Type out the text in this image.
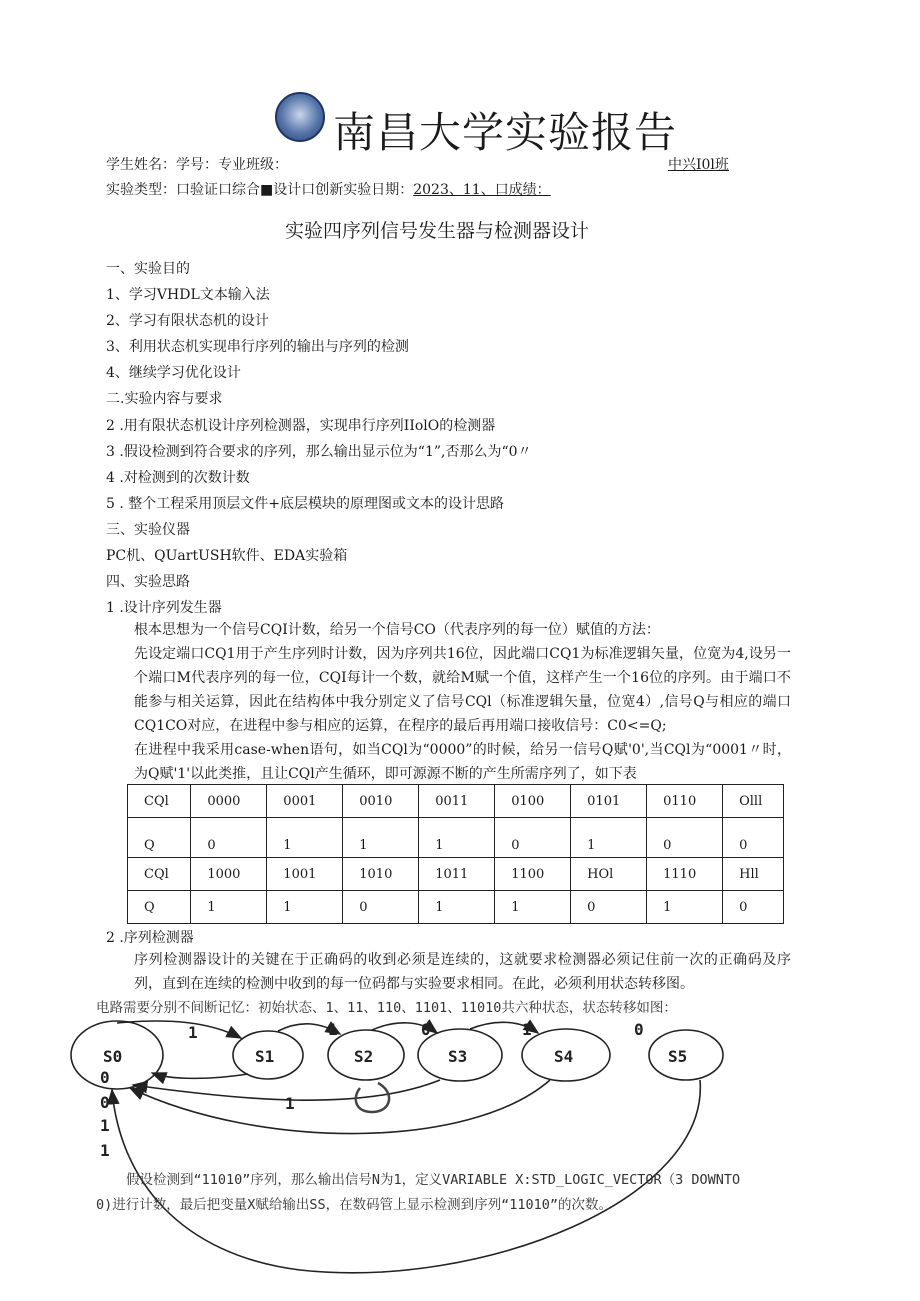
南昌大学实验报告
学生姓名：学号：专业班级：	中兴I0l班
实验类型：口验证口综合■设计口创新实验日期：2023、11、口成绩：
实验四序列信号发生器与检测器设计
一、实验目的
1、学习VHDL文本输入法
2、学习有限状态机的设计
3、利用状态机实现串行序列的输出与序列的检测
4、继续学习优化设计
二.实验内容与要求
2 .用有限状态机设计序列检测器，实现串行序列IIolO的检测器
3 .假设检测到符合要求的序列，那么输出显示位为“1”,否那么为“0〃
4 .对检测到的次数计数
5 . 整个工程采用顶层文件+底层模块的原理图或文本的设计思路
三、实验仪器
PC机、QUartUSH软件、EDA实验箱
四、实验思路
1 .设计序列发生器
根本思想为一个信号CQI计数，给另一个信号CO（代表序列的每一位）赋值的方法：
先设定端口CQ1用于产生序列时计数，因为序列共16位，因此端口CQ1为标准逻辑矢量，位宽为4,设另一个端口M代表序列的每一位，CQI每计一个数，就给M赋一个值，这样产生一个16位的序列。由于端口不能参与相关运算，因此在结构体中我分别定义了信号CQl（标准逻辑矢量，位宽4）,信号Q与相应的端口CQ1CO对应，在进程中参与相应的运算，在程序的最后再用端口接收信号：C0<=Q;
在进程中我采用case-when语句，如当CQl为“0000”的时候，给另一信号Q赋'0',当CQl为“0001〃时，为Q赋'1'以此类推，且让CQl产生循环，即可源源不断的产生所需序列了，如下表
CQl	0000	0001	0010	0011	0100	0101	0110	Olll
Q	0	1	1	1	0	1	0	0
CQl	1000	1001	1010	1011	1100	HOl	1110	Hll
Q	1	1	0	1	1	0	1	0
2 .序列检测器
序列检测器设计的关键在于正确码的收到必须是连续的，这就要求检测器必须记住前一次的正确码及序列，直到在连续的检测中收到的每一位码都与实验要求相同。在此，必须利用状态转移图。
电路需要分别不间断记忆：初始状态、1、11、110、1101、11010共六种状态，状态转移如图：
S0	S1	S2	S3	S4	S5
1	1	0	1	0
0
0
1
1
1
假设检测到“11010”序列，那么输出信号N为1，定义VARIABLE X:STD_LOGIC_VECTOR（3 DOWNTO
0)进行计数，最后把变量X赋给输出SS，在数码管上显示检测到序列“11010”的次数。
